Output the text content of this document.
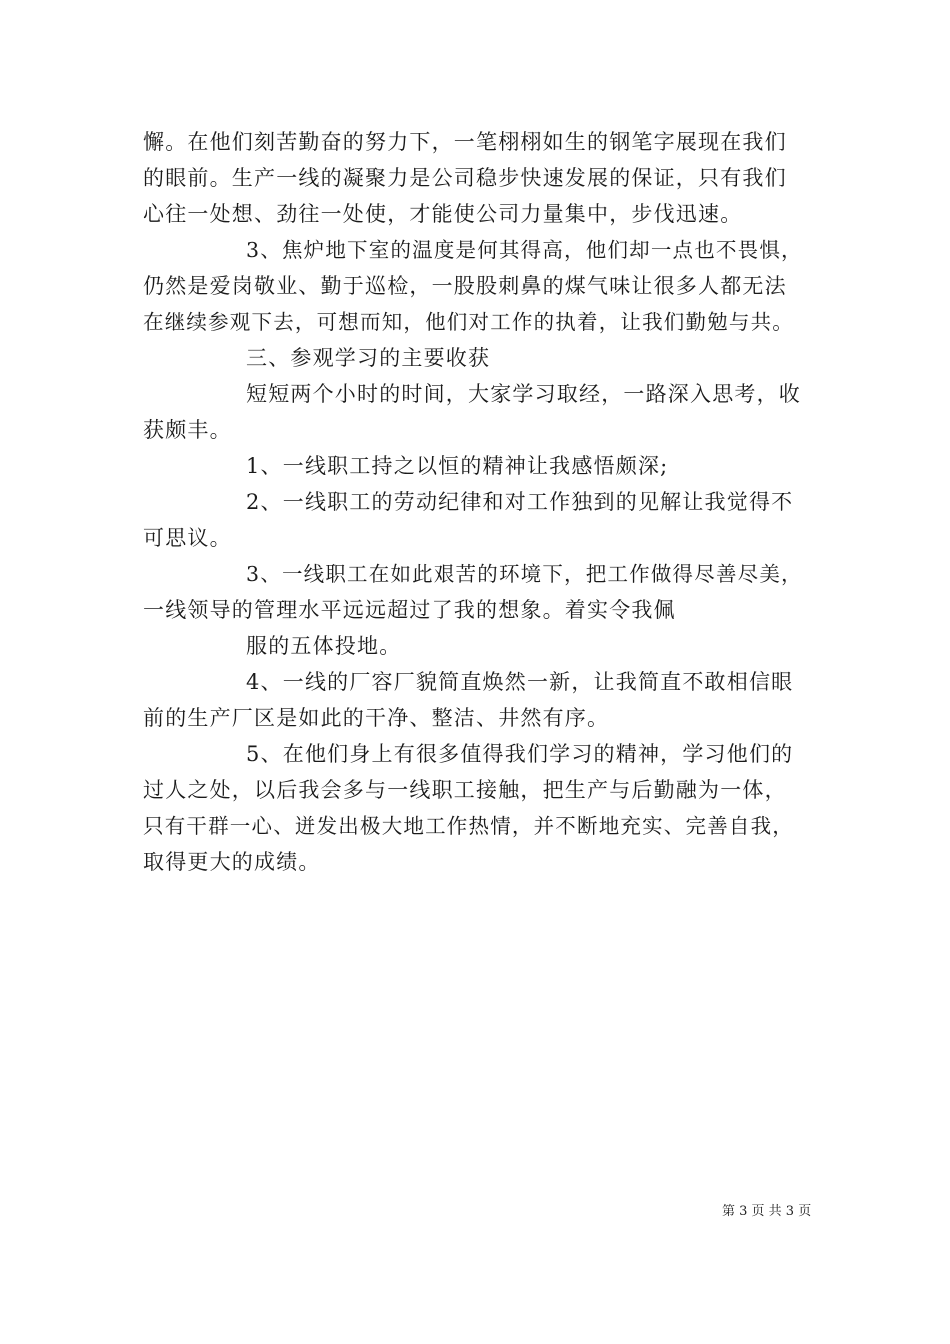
懈。在他们刻苦勤奋的努力下，一笔栩栩如生的钢笔字展现在我们
的眼前。生产一线的凝聚力是公司稳步快速发展的保证，只有我们
心往一处想、劲往一处使，才能使公司力量集中，步伐迅速。
3、焦炉地下室的温度是何其得高，他们却一点也不畏惧，
仍然是爱岗敬业、勤于巡检，一股股刺鼻的煤气味让很多人都无法
在继续参观下去，可想而知，他们对工作的执着，让我们勤勉与共。
三、参观学习的主要收获
短短两个小时的时间，大家学习取经，一路深入思考，收
获颇丰。
1、一线职工持之以恒的精神让我感悟颇深;
2、一线职工的劳动纪律和对工作独到的见解让我觉得不
可思议。
3、一线职工在如此艰苦的环境下，把工作做得尽善尽美，
一线领导的管理水平远远超过了我的想象。着实令我佩
服的五体投地。
4、一线的厂容厂貌简直焕然一新，让我简直不敢相信眼
前的生产厂区是如此的干净、整洁、井然有序。
5、在他们身上有很多值得我们学习的精神，学习他们的
过人之处，以后我会多与一线职工接触，把生产与后勤融为一体，
只有干群一心、迸发出极大地工作热情，并不断地充实、完善自我，
取得更大的成绩。
第 3 页 共 3 页
